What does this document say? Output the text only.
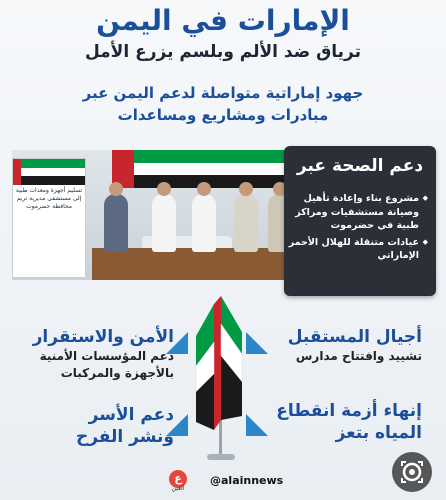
الإمارات في اليمن
ترياق ضد الألم وبلسم يزرع الأمل
جهود إماراتية متواصلة لدعم اليمن عبر
مبادرات ومشاريع ومساعدات
تسليم أجهزة ومعدات طبية إلى مستشفى مديرية تريم محافظة حضرموت
دعم الصحة عبر
◆ مشروع بناء وإعادة تأهيل وصيانة مستشفيات ومراكز طبية في حضرموت
◆ عيادات متنقلة للهلال الأحمر الإماراتي
الأمن والاستقرار
دعم المؤسسات الأمنية بالأجهزة والمركبات
دعم الأسر
ونشر الفرح
أجيال المستقبل
تشييد وافتتاح مدارس
إنهاء أزمة انقطاع
المياه بتعز
ع
العين
@alainnews
